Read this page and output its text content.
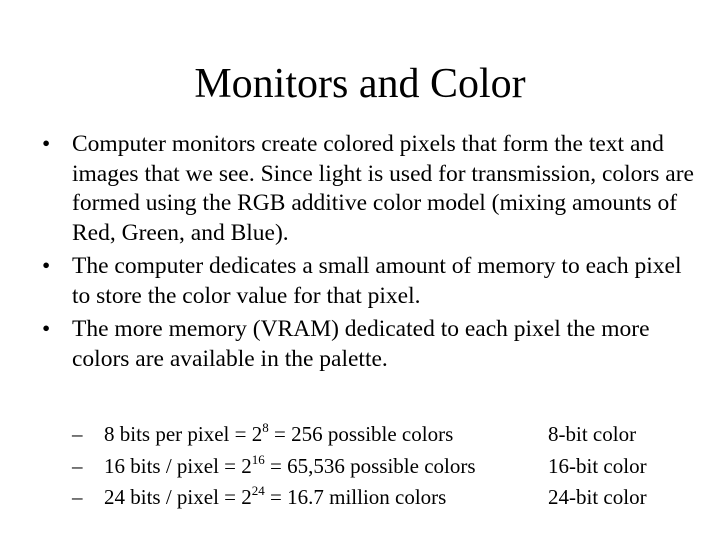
Monitors and Color
• Computer monitors create colored pixels that form the text and images that we see. Since light is used for transmission, colors are formed using the RGB additive color model (mixing amounts of Red, Green, and Blue).
• The computer dedicates a small amount of memory to each pixel to store the color value for that pixel.
• The more memory (VRAM) dedicated to each pixel the more colors are available in the palette.
– 8 bits per pixel = $2^8 = 256$ possible colors	8-bit color
– 16 bits / pixel = $2^{16} = 65,536$ possible colors	16-bit color
– 24 bits / pixel = $2^{24} = 16.7$ million colors	24-bit color
